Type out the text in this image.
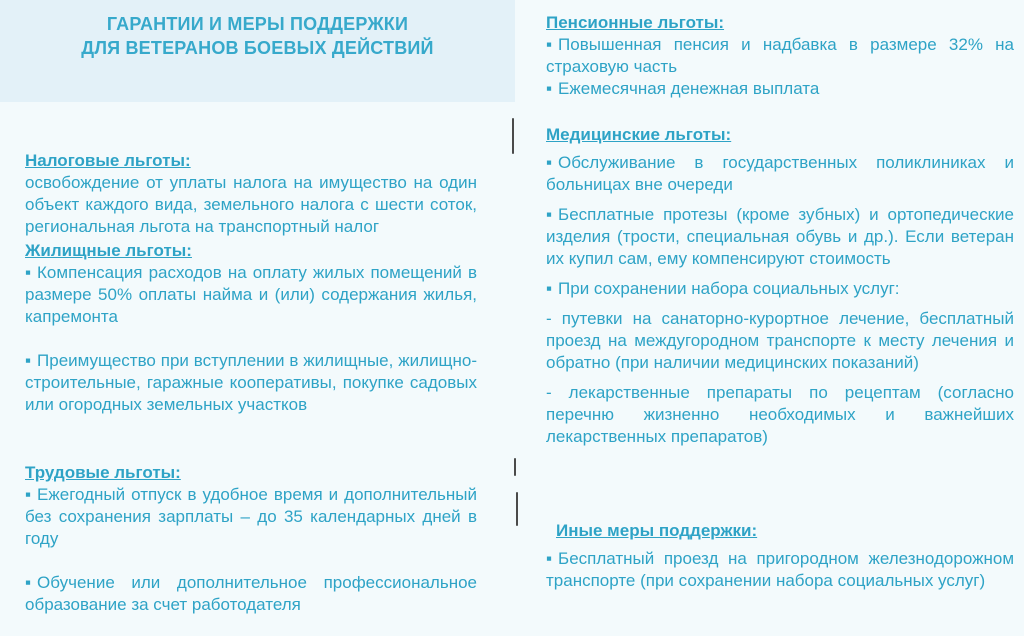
ГАРАНТИИ И МЕРЫ ПОДДЕРЖКИ
ДЛЯ ВЕТЕРАНОВ БОЕВЫХ ДЕЙСТВИЙ

Налоговые льготы:
освобождение от уплаты налога на имущество на один объект каждого вида, земельного налога с шести соток, региональная льгота на транспортный налог

Жилищные льготы:
▪ Компенсация расходов на оплату жилых помещений в размере 50% оплаты найма и (или) содержания жилья, капремонта
▪ Преимущество при вступлении в жилищные, жилищно-строительные, гаражные кооперативы, покупке садовых или огородных земельных участков
Трудовые льготы:
▪ Ежегодный отпуск в удобное время и дополнительный без сохранения зарплаты – до 35 календарных дней в году
▪ Обучение или дополнительное профессиональное образование за счет работодателя
Пенсионные льготы:
▪ Повышенная пенсия и надбавка в размере 32% на страховую часть
▪ Ежемесячная денежная выплата
Медицинские льготы:
▪ Обслуживание в государственных поликлиниках и больницах вне очереди
▪ Бесплатные протезы (кроме зубных) и ортопедические изделия (трости, специальная обувь и др.). Если ветеран их купил сам, ему компенсируют стоимость
▪ При сохранении набора социальных услуг:
- путевки на санаторно-курортное лечение, бесплатный проезд на междугородном транспорте к месту лечения и обратно (при наличии медицинских показаний)
- лекарственные препараты по рецептам (согласно перечню жизненно необходимых и важнейших лекарственных препаратов)
Иные меры поддержки:
▪ Бесплатный проезд на пригородном железнодорожном транспорте (при сохранении набора социальных услуг)
